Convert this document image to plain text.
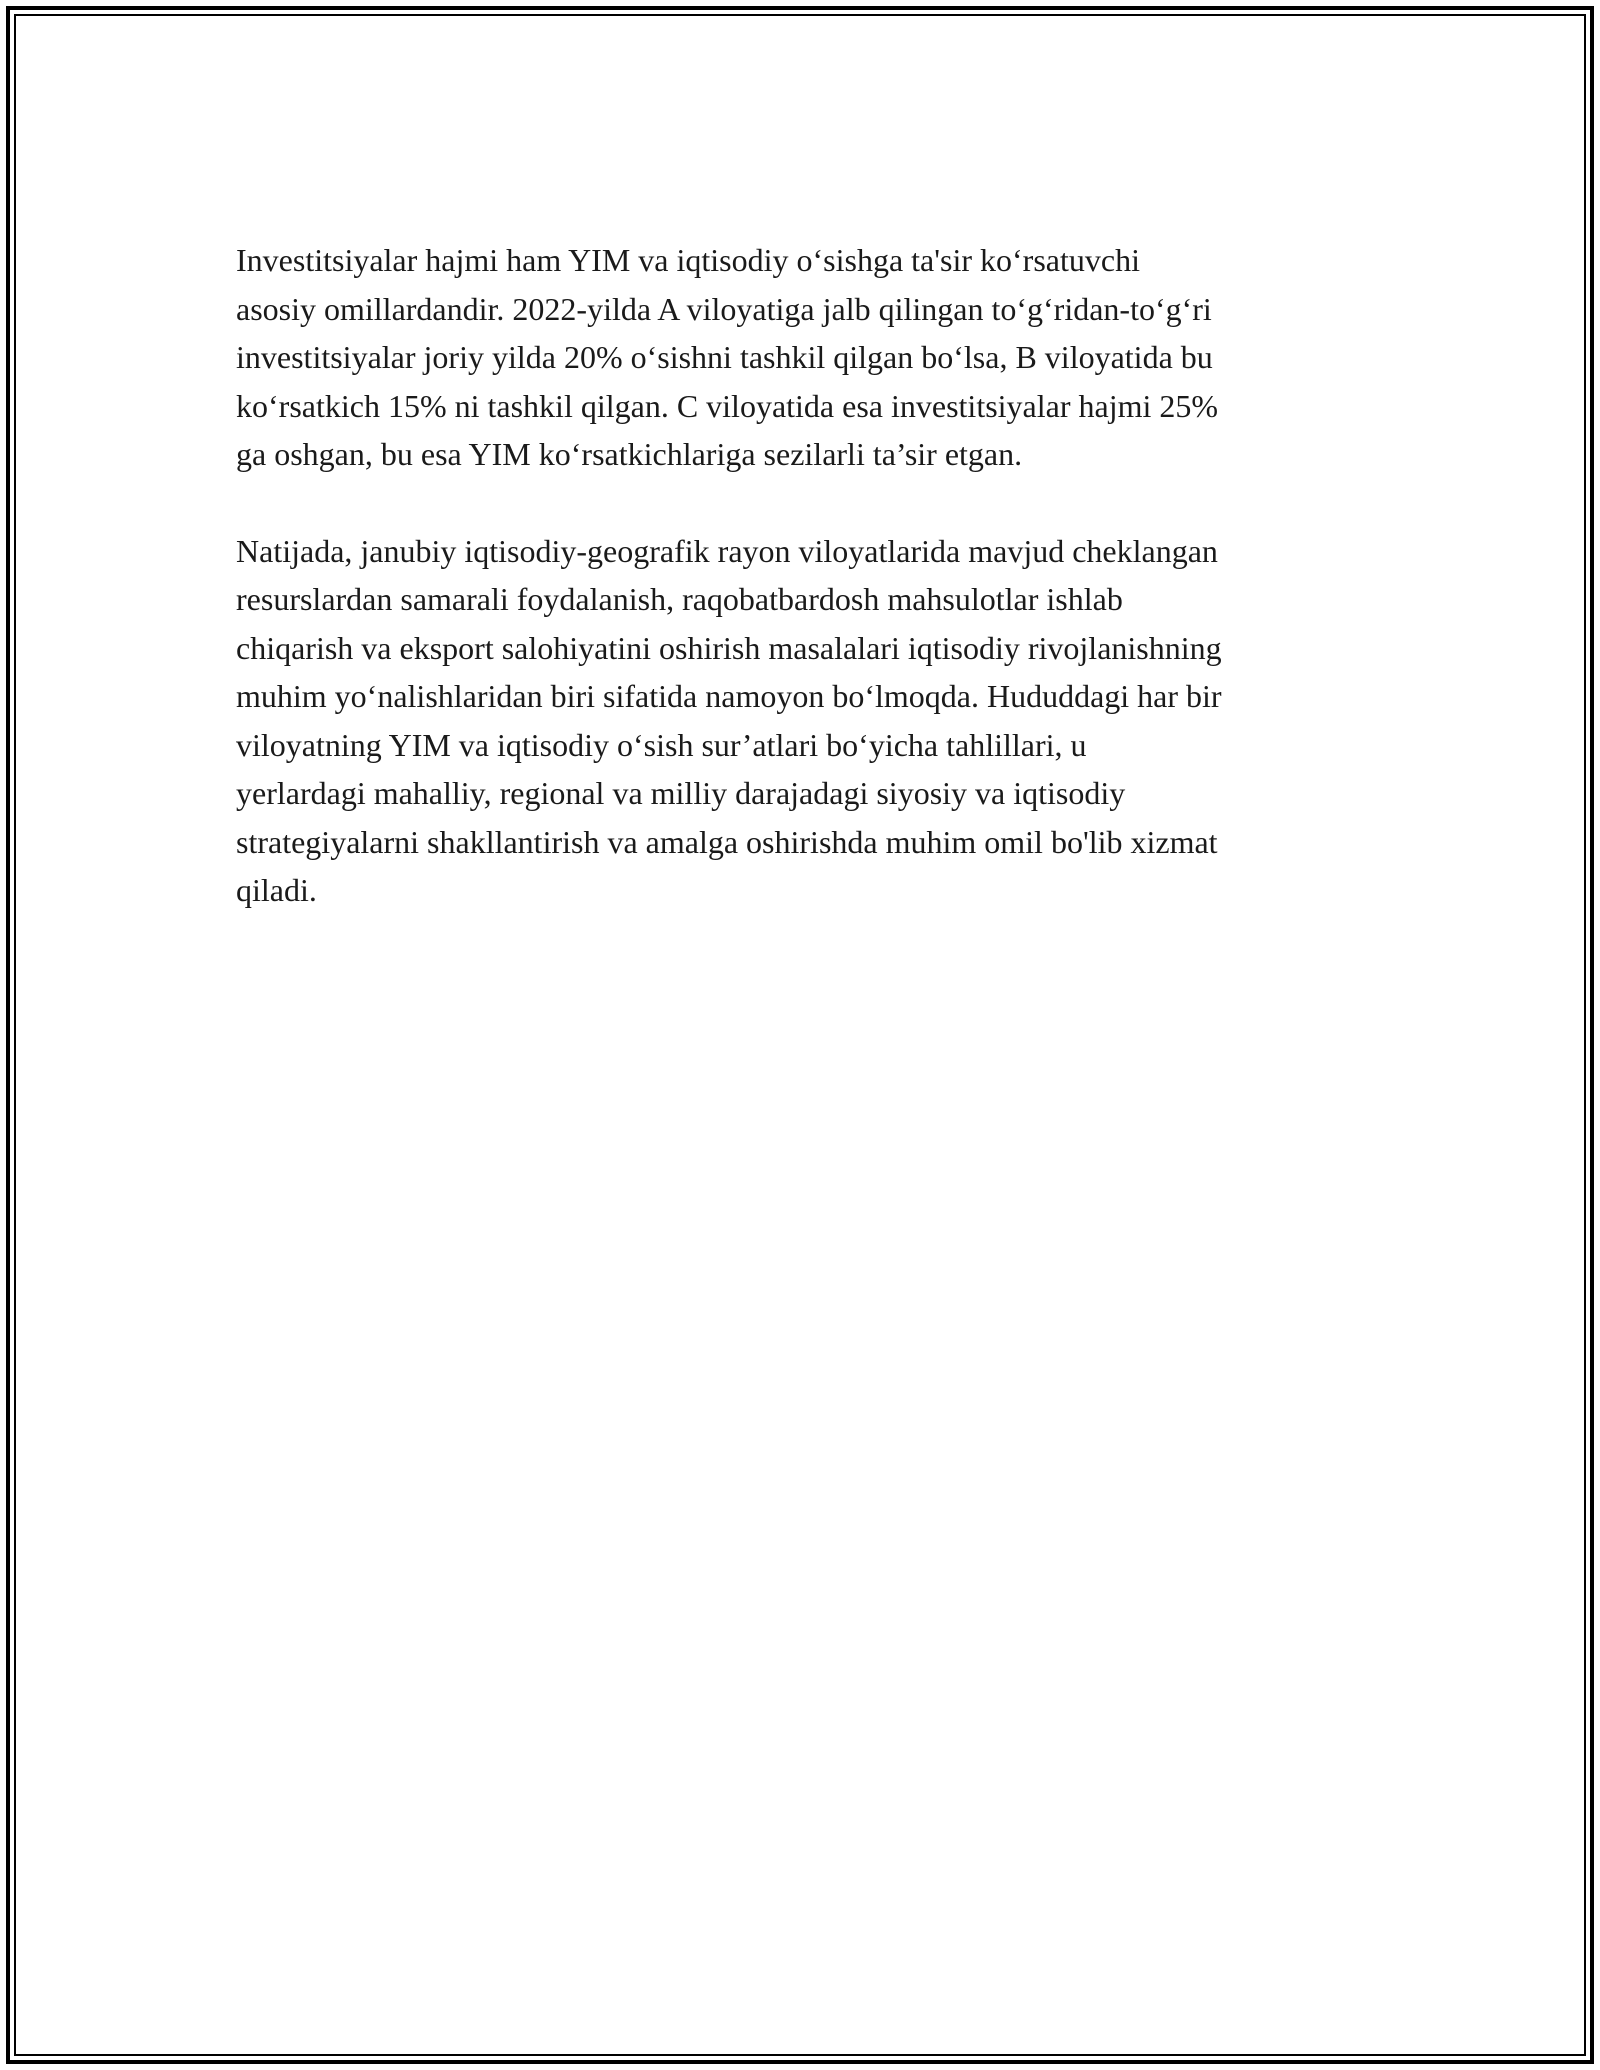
Investitsiyalar hajmi ham YIM va iqtisodiy o‘sishga ta'sir ko‘rsatuvchi
asosiy omillardandir. 2022-yilda A viloyatiga jalb qilingan to‘g‘ridan-to‘g‘ri
investitsiyalar joriy yilda 20% o‘sishni tashkil qilgan bo‘lsa, B viloyatida bu
ko‘rsatkich 15% ni tashkil qilgan. C viloyatida esa investitsiyalar hajmi 25%
ga oshgan, bu esa YIM ko‘rsatkichlariga sezilarli ta’sir etgan.

Natijada, janubiy iqtisodiy-geografik rayon viloyatlarida mavjud cheklangan
resurslardan samarali foydalanish, raqobatbardosh mahsulotlar ishlab
chiqarish va eksport salohiyatini oshirish masalalari iqtisodiy rivojlanishning
muhim yo‘nalishlaridan biri sifatida namoyon bo‘lmoqda. Hududdagi har bir
viloyatning YIM va iqtisodiy o‘sish sur’atlari bo‘yicha tahlillari, u
yerlardagi mahalliy, regional va milliy darajadagi siyosiy va iqtisodiy
strategiyalarni shakllantirish va amalga oshirishda muhim omil bo'lib xizmat
qiladi.
